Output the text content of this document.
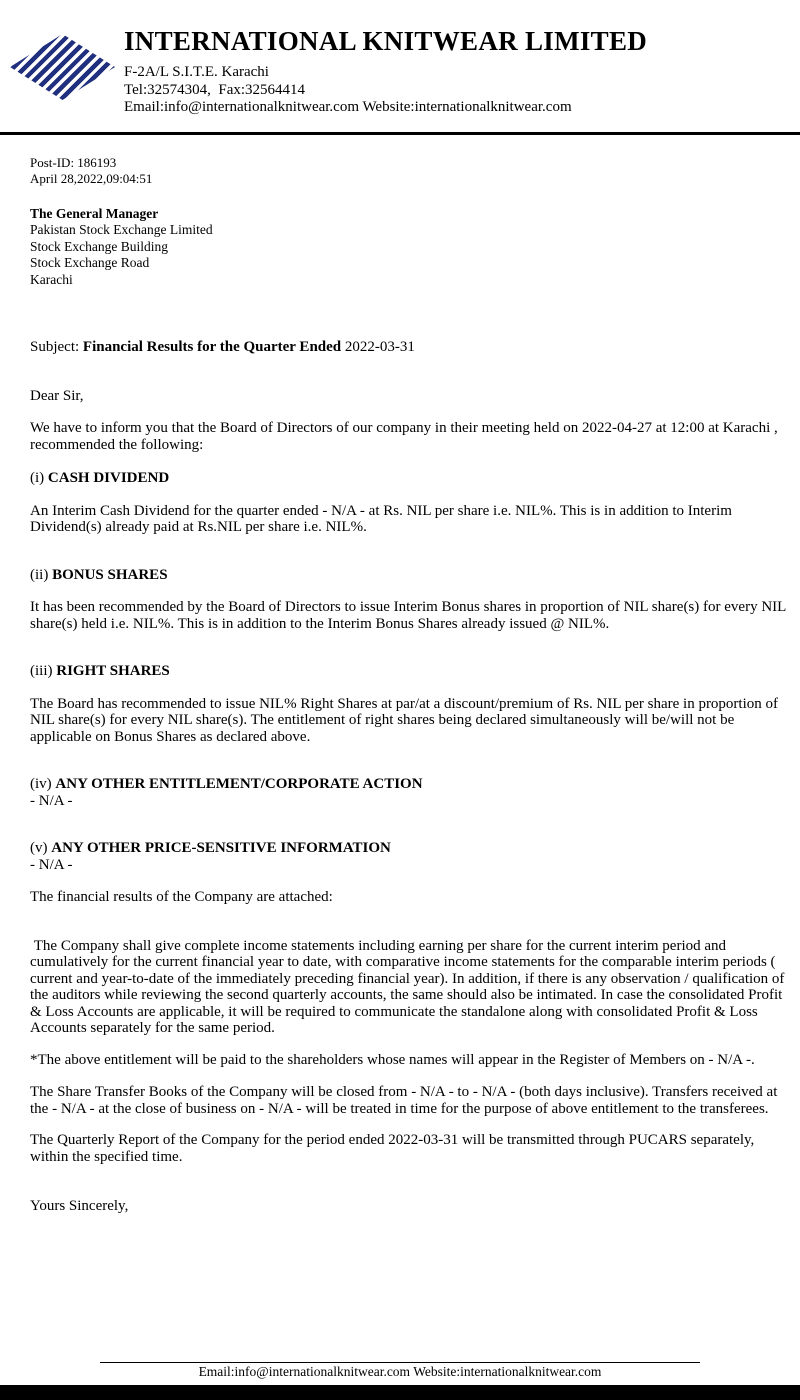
INTERNATIONAL KNITWEAR LIMITED
F-2A/L S.I.T.E. Karachi
Tel:32574304,  Fax:32564414
Email:info@internationalknitwear.com Website:internationalknitwear.com

Post-ID: 186193

April 28,2022,09:04:51

The General Manager

Pakistan Stock Exchange Limited

Stock Exchange Building

Stock Exchange Road

Karachi

Subject: Financial Results for the Quarter Ended 2022-03-31

Dear Sir,

We have to inform you that the Board of Directors of our company in their meeting held on 2022-04-27 at 12:00 at Karachi , recommended the following:

(i) CASH DIVIDEND

An Interim Cash Dividend for the quarter ended - N/A - at Rs. NIL per share i.e. NIL%. This is in addition to Interim Dividend(s) already paid at Rs.NIL per share i.e. NIL%.

(ii) BONUS SHARES

It has been recommended by the Board of Directors to issue Interim Bonus shares in proportion of NIL share(s) for every NIL share(s) held i.e. NIL%. This is in addition to the Interim Bonus Shares already issued @ NIL%.

(iii) RIGHT SHARES

The Board has recommended to issue NIL% Right Shares at par/at a discount/premium of Rs. NIL per share in proportion of NIL share(s) for every NIL share(s). The entitlement of right shares being declared simultaneously will be/will not be applicable on Bonus Shares as declared above.

(iv) ANY OTHER ENTITLEMENT/CORPORATE ACTION

- N/A -

(v) ANY OTHER PRICE-SENSITIVE INFORMATION

- N/A -

The financial results of the Company are attached:

The Company shall give complete income statements including earning per share for the current interim period and cumulatively for the current financial year to date, with comparative income statements for the comparable interim periods ( current and year-to-date of the immediately preceding financial year). In addition, if there is any observation / qualification of the auditors while reviewing the second quarterly accounts, the same should also be intimated. In case the consolidated Profit & Loss Accounts are applicable, it will be required to communicate the standalone along with consolidated Profit & Loss Accounts separately for the same period.

*The above entitlement will be paid to the shareholders whose names will appear in the Register of Members on - N/A -.

The Share Transfer Books of the Company will be closed from - N/A - to - N/A - (both days inclusive). Transfers received at the - N/A - at the close of business on - N/A - will be treated in time for the purpose of above entitlement to the transferees.

The Quarterly Report of the Company for the period ended 2022-03-31 will be transmitted through PUCARS separately, within the specified time.

Yours Sincerely,

Email:info@internationalknitwear.com Website:internationalknitwear.com
